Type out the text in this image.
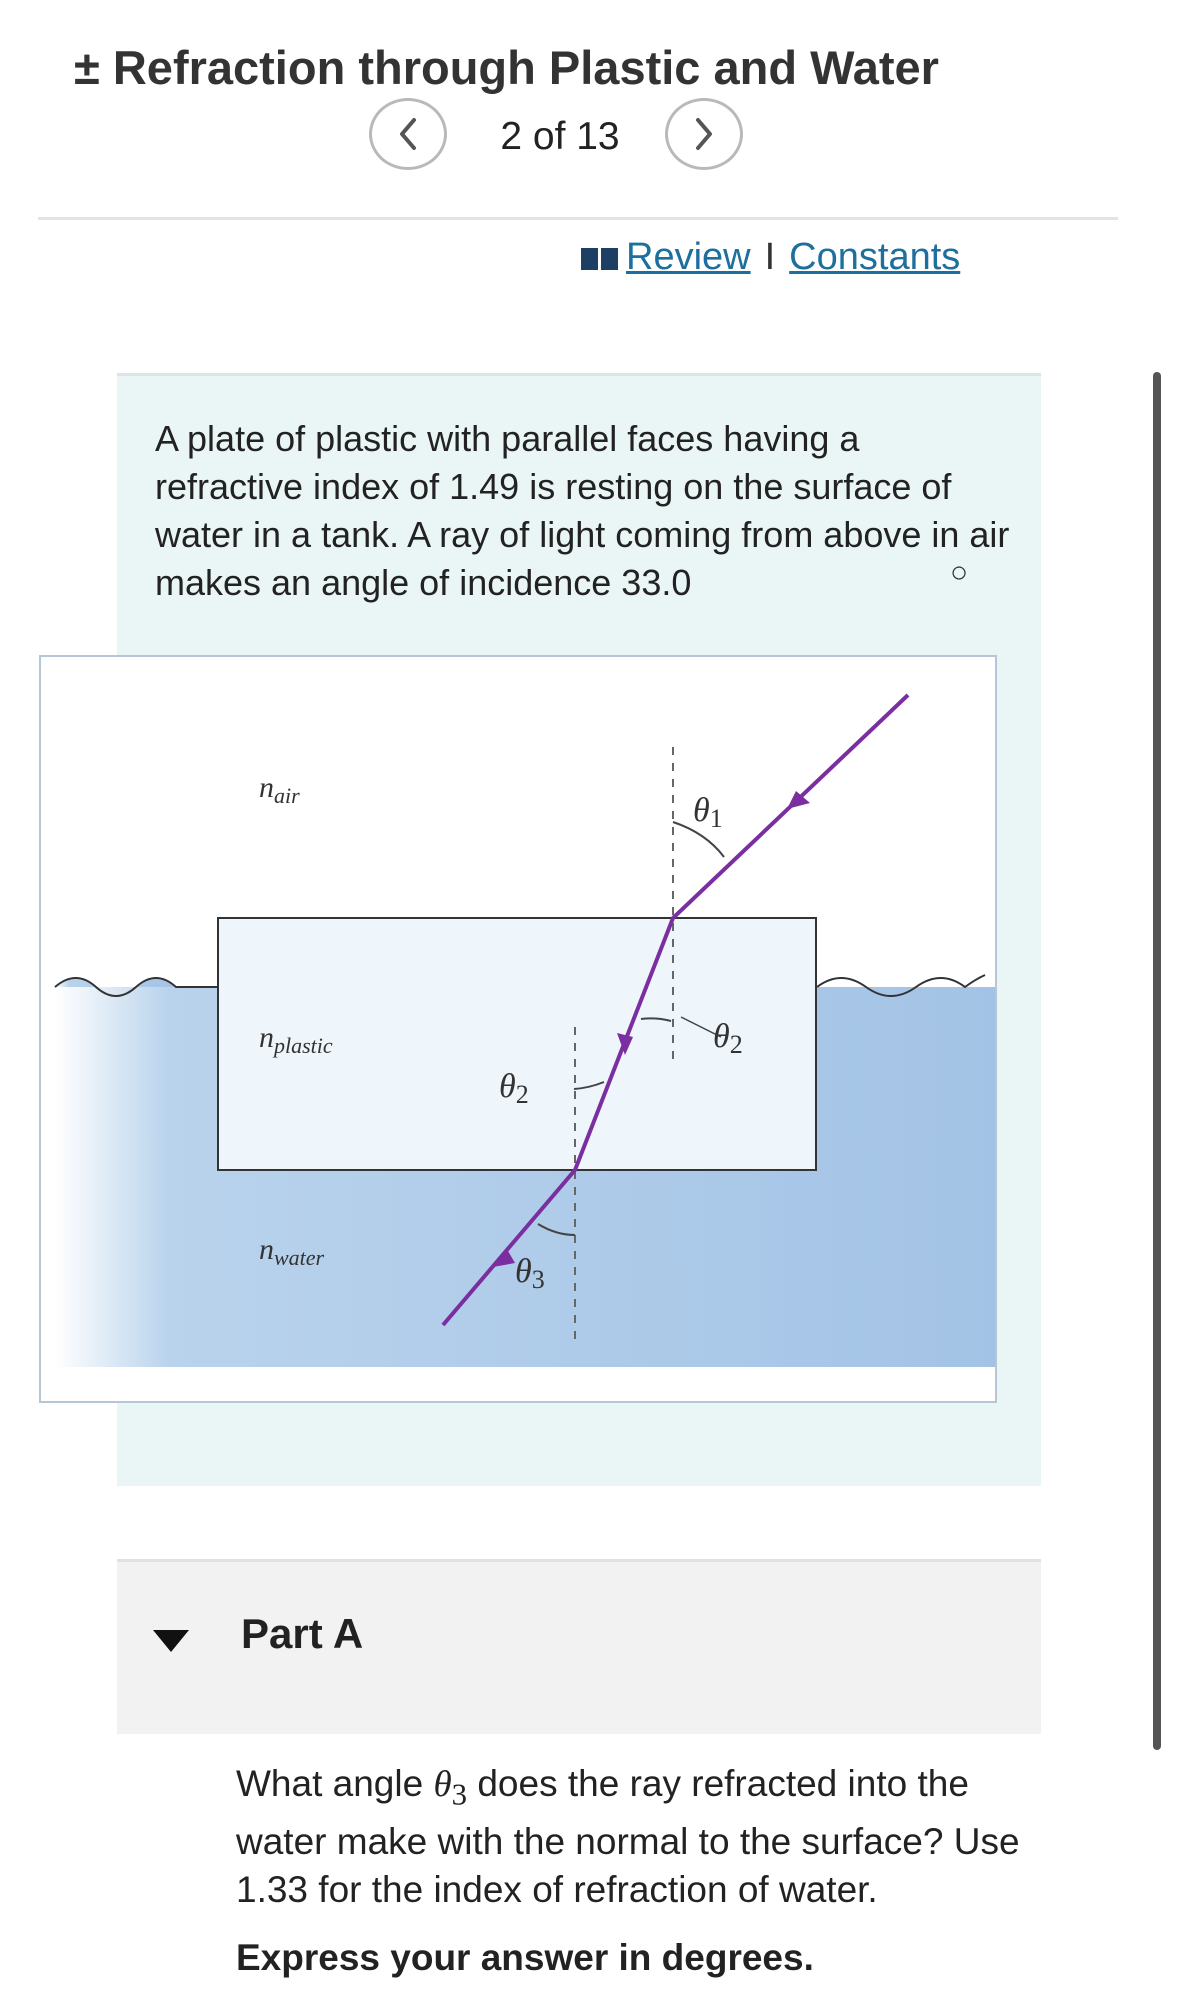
± Refraction through Plastic and Water
2 of 13
Review I Constants
A plate of plastic with parallel faces having a refractive index of 1.49 is resting on the surface of water in a tank. A ray of light coming from above in air makes an angle of incidence 33.0	○
$n_{air}$
$n_{plastic}$
$n_{water}$
θ1
θ2
θ2
θ3
Part A
What angle $\theta_3$ does the ray refracted into the water make with the normal to the surface? Use 1.33 for the index of refraction of water.
Express your answer in degrees.
